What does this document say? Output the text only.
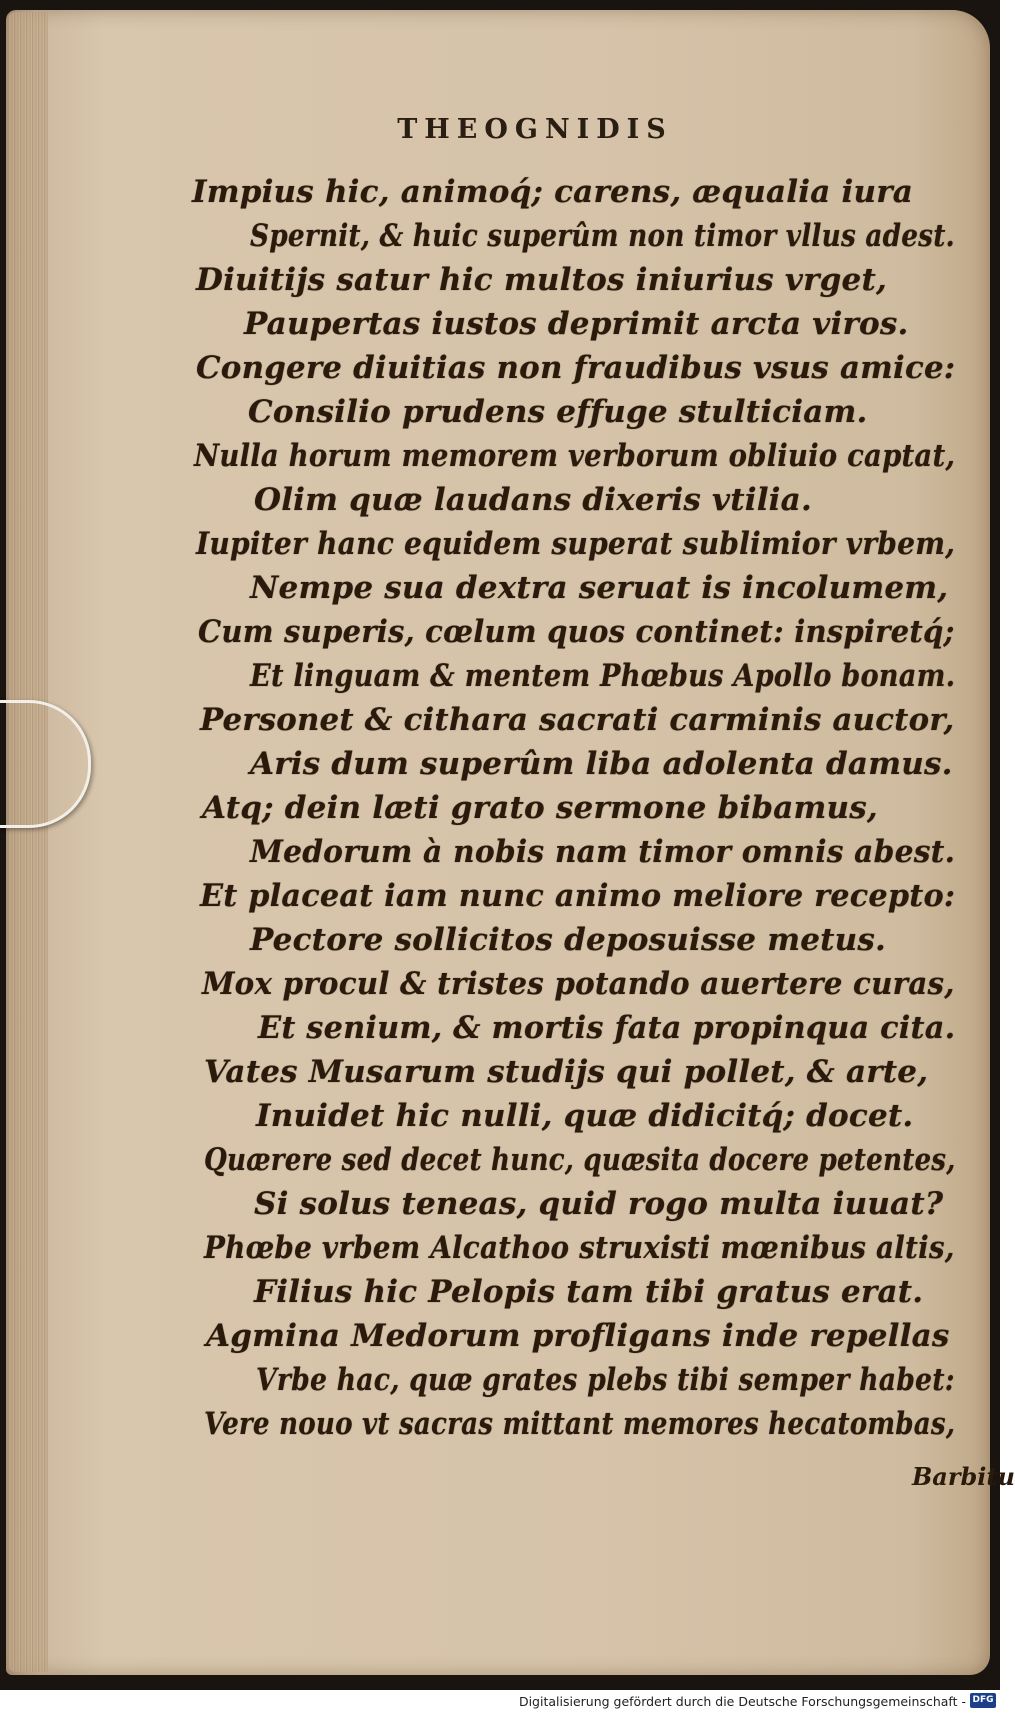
THEOGNIDIS
Impius hic, animoq́; carens, æqualia iura
Spernit, & huic superûm non timor vllus adest.
Diuitijs satur hic multos iniurius vrget,
Paupertas iustos deprimit arcta viros.
Congere diuitias non fraudibus vsus amice:
Consilio prudens effuge stulticiam.
Nulla horum memorem verborum obliuio captat,
Olim quæ laudans dixeris vtilia.
Iupiter hanc equidem superat sublimior vrbem,
Nempe sua dextra seruat is incolumem,
Cum superis, cœlum quos continet: inspiretq́;
Et linguam & mentem Phœbus Apollo bonam.
Personet & cithara sacrati carminis auctor,
Aris dum superûm liba adolenta damus.
Atq; dein læti grato sermone bibamus,
Medorum à nobis nam timor omnis abest.
Et placeat iam nunc animo meliore recepto:
Pectore sollicitos deposuisse metus.
Mox procul & tristes potando auertere curas,
Et senium, & mortis fata propinqua cita.
Vates Musarum studijs qui pollet, & arte,
Inuidet hic nulli, quæ didicitq́; docet.
Quærere sed decet hunc, quæsita docere petentes,
Si solus teneas, quid rogo multa iuuat?
Phœbe vrbem Alcathoo struxisti mœnibus altis,
Filius hic Pelopis tam tibi gratus erat.
Agmina Medorum profligans inde repellas
Vrbe hac, quæ grates plebs tibi semper habet:
Vere nouo vt sacras mittant memores hecatombas,
Barbitu
Digitalisierung gefördert durch die Deutsche Forschungsgemeinschaft - DFG
